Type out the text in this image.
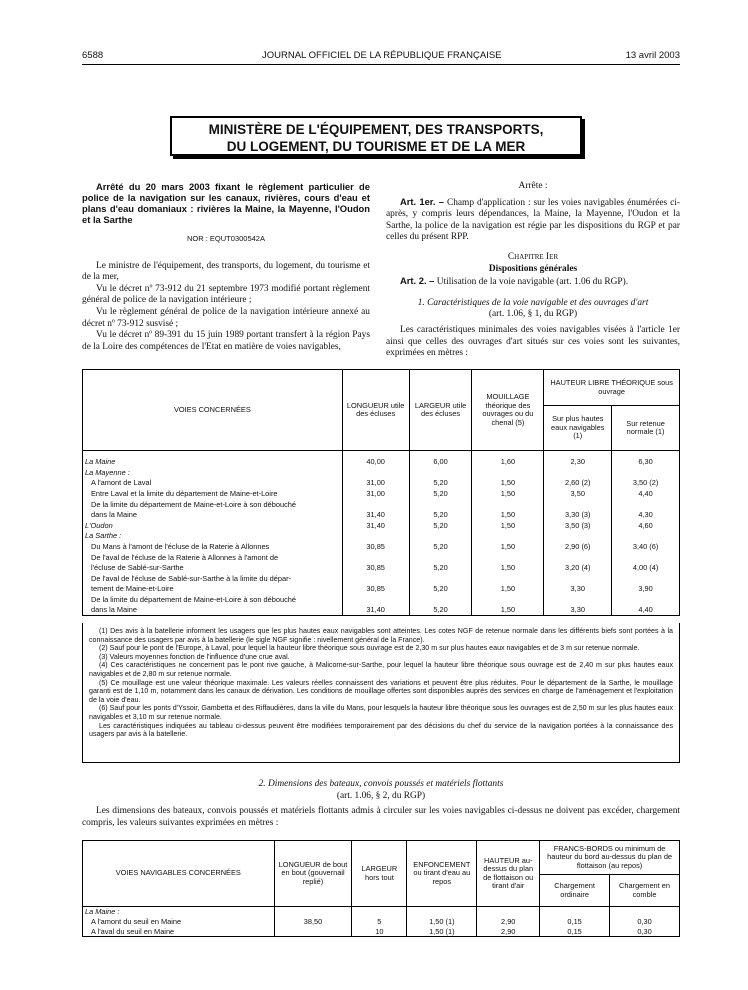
6588	JOURNAL OFFICIEL DE LA RÉPUBLIQUE FRANÇAISE	13 avril 2003
MINISTÈRE DE L'ÉQUIPEMENT, DES TRANSPORTS,
DU LOGEMENT, DU TOURISME ET DE LA MER

Arrêté du 20 mars 2003 fixant le règlement particulier de police de la navigation sur les canaux, rivières, cours d'eau et plans d'eau domaniaux : rivières la Maine, la Mayenne, l'Oudon et la Sarthe

NOR : EQUT0300542A

Le ministre de l'équipement, des transports, du logement, du tourisme et de la mer,

Vu le décret nº 73-912 du 21 septembre 1973 modifié portant règlement général de police de la navigation intérieure ;

Vu le règlement général de police de la navigation intérieure annexé au décret nº 73-912 susvisé ;

Vu le décret nº 89-391 du 15 juin 1989 portant transfert à la région Pays de la Loire des compétences de l'Etat en matière de voies navigables,

Arrête :

Art. 1er. – Champ d'application : sur les voies navigables énumérées ci-après, y compris leurs dépendances, la Maine, la Mayenne, l'Oudon et la Sarthe, la police de la navigation est régie par les dispositions du RGP et par celles du présent RPP.

Chapitre Ier

Dispositions générales

Art. 2. – Utilisation de la voie navigable (art. 1.06 du RGP).

1. Caractéristiques de la voie navigable et des ouvrages d'art

(art. 1.06, § 1, du RGP)

Les caractéristiques minimales des voies navigables visées à l'article 1er ainsi que celles des ouvrages d'art situés sur ces voies sont les suivantes, exprimées en mètres :

VOIES CONCERNÉES	LONGUEUR utile des écluses	LARGEUR utile des écluses	MOUILLAGE théorique des ouvrages ou du chenal (5)	HAUTEUR LIBRE THÉORIQUE sous ouvrage	
				Sur plus hautes eaux navigables (1)	Sur retenue normale (1)

La Maine	40,00	6,00	1,60	2,30	6,30
La Mayenne :					
A l'amont de Laval	31,00	5,20	1,50	2,60 (2)	3,50 (2)
Entre Laval et la limite du département de Maine-et-Loire	31,00	5,20	1,50	3,50	4,40
De la limite du département de Maine-et-Loire à son débouché					
dans la Maine	31,40	5,20	1,50	3,30 (3)	4,30
L'Oudon	31,40	5,20	1,50	3,50 (3)	4,60
La Sarthe :					
Du Mans à l'amont de l'écluse de la Raterie à Allonnes	30,85	5,20	1,50	2,90 (6)	3,40 (6)
De l'aval de l'écluse de la Raterie à Allonnes à l'amont de					
l'écluse de Sablé-sur-Sarthe	30,85	5,20	1,50	3,20 (4)	4,00 (4)
De l'aval de l'écluse de Sablé-sur-Sarthe à la limite du dépar-					
tement de Maine-et-Loire	30,85	5,20	1,50	3,30	3,90
De la limite du département de Maine-et-Loire à son débouché					
dans la Maine	31,40	5,20	1,50	3,30	4,40

(1) Des avis à la batellerie informent les usagers que les plus hautes eaux navigables sont atteintes. Les cotes NGF de retenue normale dans les différents biefs sont portées à la connaissance des usagers par avis à la batellerie (le sigle NGF signifie : nivellement général de la France).

(2) Sauf pour le pont de l'Europe, à Laval, pour lequel la hauteur libre théorique sous ouvrage est de 2,30 m sur plus hautes eaux navigables et de 3 m sur retenue normale.

(3) Valeurs moyennes fonction de l'influence d'une crue aval.

(4) Ces caractéristiques ne concernent pas le pont rive gauche, à Malicorne-sur-Sarthe, pour lequel la hauteur libre théorique sous ouvrage est de 2,40 m sur plus hautes eaux navigables et de 2,80 m sur retenue normale.

(5) Ce mouillage est une valeur théorique maximale. Les valeurs réelles connaissent des variations et peuvent être plus réduites. Pour le département de la Sarthe, le mouillage garanti est de 1,10 m, notamment dans les canaux de dérivation. Les conditions de mouillage offertes sont disponibles auprès des services en charge de l'aménagement et l'exploitation de la voie d'eau.

(6) Sauf pour les ponts d'Yssoir, Gambetta et des Riffaudières, dans la ville du Mans, pour lesquels la hauteur libre théorique sous les ouvrages est de 2,50 m sur les plus hautes eaux navigables et 3,10 m sur retenue normale.

Les caractéristiques indiquées au tableau ci-dessus peuvent être modifiées temporairement par des décisions du chef du service de la navigation portées à la connaissance des usagers par avis à la batellerie.

2. Dimensions des bateaux, convois poussés et matériels flottants
(art. 1.06, § 2, du RGP)
Les dimensions des bateaux, convois poussés et matériels flottants admis à circuler sur les voies navigables ci-dessus ne doivent pas excéder, chargement compris, les valeurs suivantes exprimées en mètres :
VOIES NAVIGABLES CONCERNÉES	LONGUEUR de bout en bout (gouvernail replié)	LARGEUR hors tout	ENFONCEMENT ou tirant d'eau au repos	HAUTEUR au-dessus du plan de flottaison ou tirant d'air	FRANCS-BORDS ou minimum de hauteur du bord au-dessus du plan de flottaison (au repos)	
					Chargement ordinaire	Chargement en comble
La Maine :						
A l'amont du seuil en Maine	38,50	5	1,50 (1)	2,90	0,15	0,30
A l'aval du seuil en Maine		10	1,50 (1)	2,90	0,15	0,30
